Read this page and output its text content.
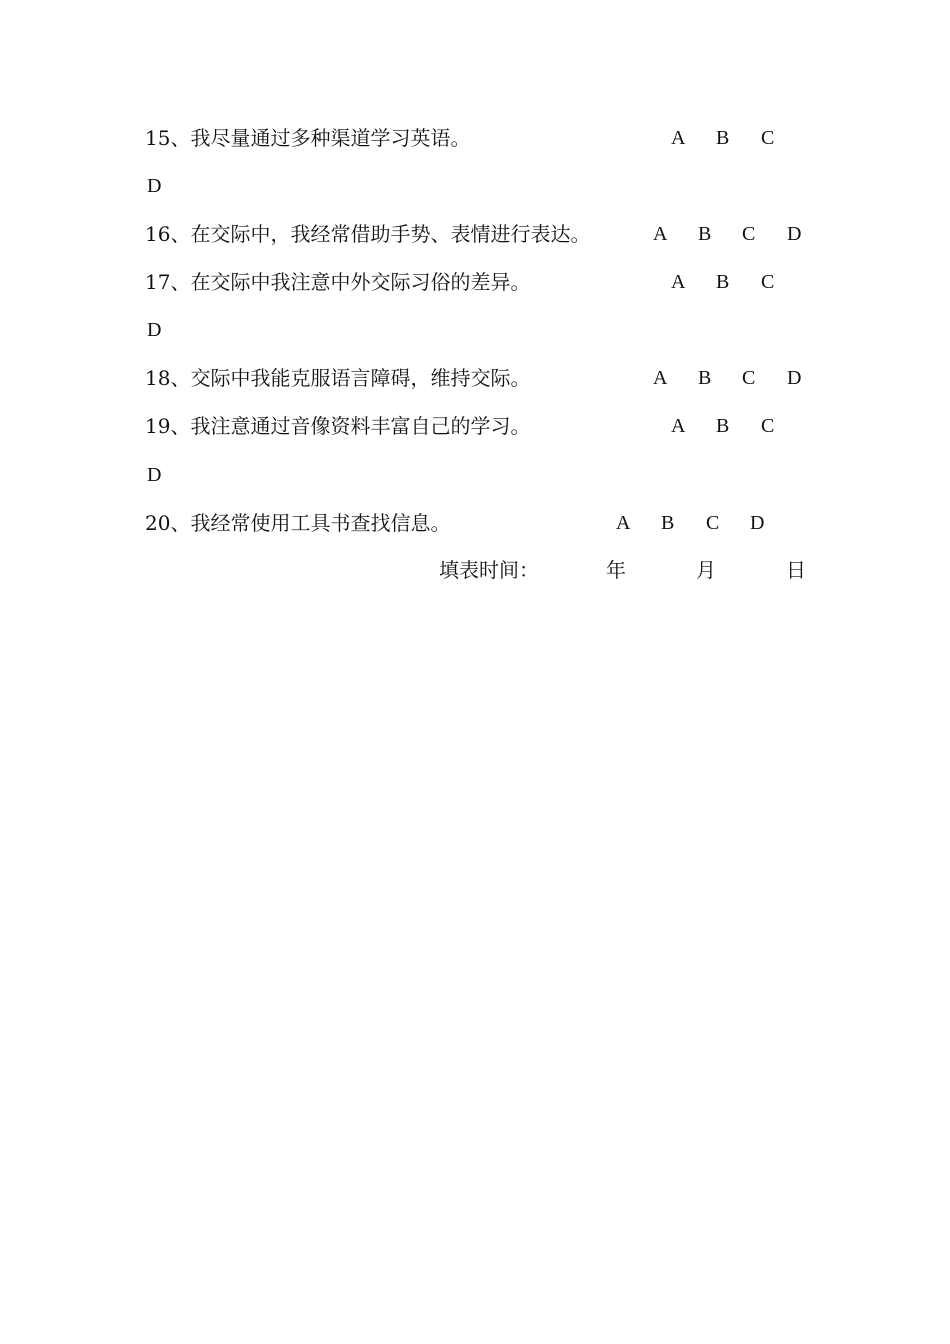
15、我尽量通过多种渠道学习英语。	A B C
D
16、在交际中，我经常借助手势、表情进行表达。	A B C D
17、在交际中我注意中外交际习俗的差异。	A B C
D
18、交际中我能克服语言障碍，维持交际。	A B C D
19、我注意通过音像资料丰富自己的学习。	A B C
D
20、我经常使用工具书查找信息。	A B C D
填表时间：	年	月	日
